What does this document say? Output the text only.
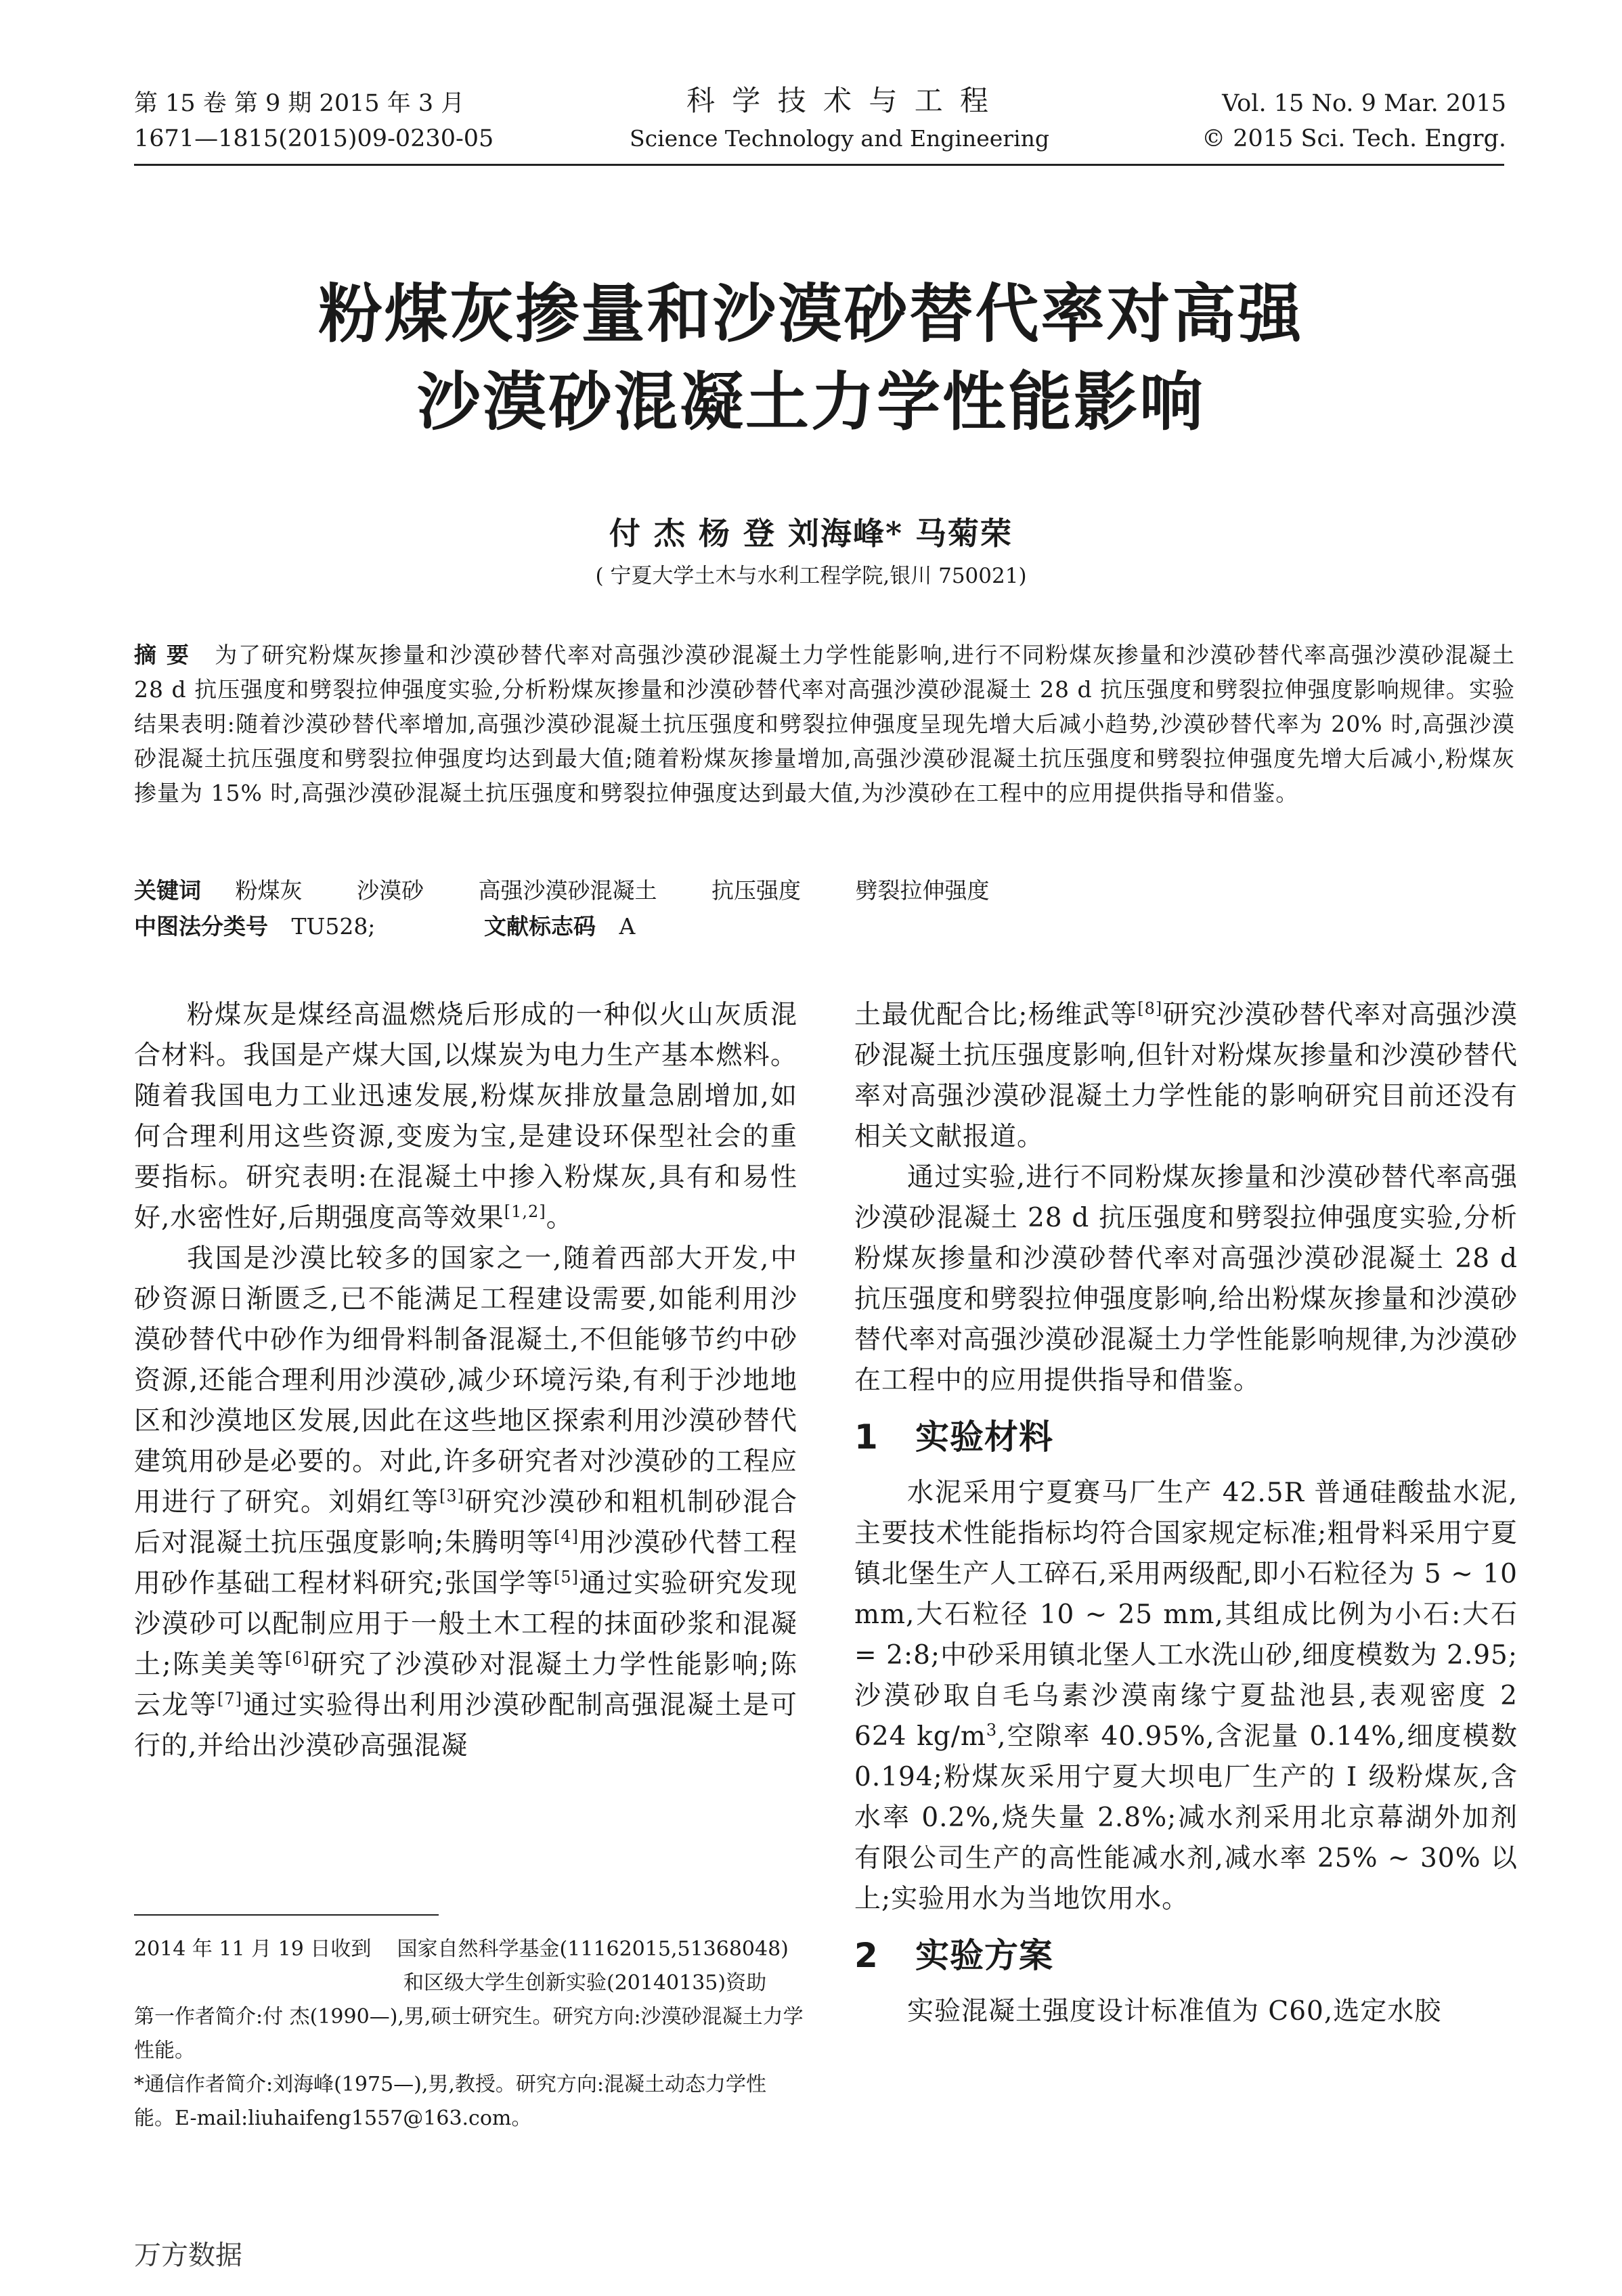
第 15 卷 第 9 期 2015 年 3 月
1671—1815(2015)09-0230-05
科 学 技 术 与 工 程
Science Technology and Engineering
Vol. 15 No. 9 Mar. 2015
© 2015 Sci. Tech. Engrg.
粉煤灰掺量和沙漠砂替代率对高强
沙漠砂混凝土力学性能影响
付 杰 杨 登 刘海峰* 马菊荣
( 宁夏大学土木与水利工程学院,银川 750021)
摘 要 为了研究粉煤灰掺量和沙漠砂替代率对高强沙漠砂混凝土力学性能影响,进行不同粉煤灰掺量和沙漠砂替代率高强沙漠砂混凝土 28 d 抗压强度和劈裂拉伸强度实验,分析粉煤灰掺量和沙漠砂替代率对高强沙漠砂混凝土 28 d 抗压强度和劈裂拉伸强度影响规律。实验结果表明:随着沙漠砂替代率增加,高强沙漠砂混凝土抗压强度和劈裂拉伸强度呈现先增大后减小趋势,沙漠砂替代率为 20% 时,高强沙漠砂混凝土抗压强度和劈裂拉伸强度均达到最大值;随着粉煤灰掺量增加,高强沙漠砂混凝土抗压强度和劈裂拉伸强度先增大后减小,粉煤灰掺量为 15% 时,高强沙漠砂混凝土抗压强度和劈裂拉伸强度达到最大值,为沙漠砂在工程中的应用提供指导和借鉴。
关键词 粉煤灰 沙漠砂 高强沙漠砂混凝土 抗压强度 劈裂拉伸强度
中图法分类号 TU528;	文献标志码 A

粉煤灰是煤经高温燃烧后形成的一种似火山灰质混合材料。我国是产煤大国,以煤炭为电力生产基本燃料。随着我国电力工业迅速发展,粉煤灰排放量急剧增加,如何合理利用这些资源,变废为宝,是建设环保型社会的重要指标。研究表明:在混凝土中掺入粉煤灰,具有和易性好,水密性好,后期强度高等效果[1,2]。

我国是沙漠比较多的国家之一,随着西部大开发,中砂资源日渐匮乏,已不能满足工程建设需要,如能利用沙漠砂替代中砂作为细骨料制备混凝土,不但能够节约中砂资源,还能合理利用沙漠砂,减少环境污染,有利于沙地地区和沙漠地区发展,因此在这些地区探索利用沙漠砂替代建筑用砂是必要的。对此,许多研究者对沙漠砂的工程应用进行了研究。刘娟红等[3]研究沙漠砂和粗机制砂混合后对混凝土抗压强度影响;朱腾明等[4]用沙漠砂代替工程用砂作基础工程材料研究;张国学等[5]通过实验研究发现沙漠砂可以配制应用于一般土木工程的抹面砂浆和混凝土;陈美美等[6]研究了沙漠砂对混凝土力学性能影响;陈云龙等[7]通过实验得出利用沙漠砂配制高强混凝土是可行的,并给出沙漠砂高强混凝

土最优配合比;杨维武等[8]研究沙漠砂替代率对高强沙漠砂混凝土抗压强度影响,但针对粉煤灰掺量和沙漠砂替代率对高强沙漠砂混凝土力学性能的影响研究目前还没有相关文献报道。

通过实验,进行不同粉煤灰掺量和沙漠砂替代率高强沙漠砂混凝土 28 d 抗压强度和劈裂拉伸强度实验,分析粉煤灰掺量和沙漠砂替代率对高强沙漠砂混凝土 28 d 抗压强度和劈裂拉伸强度影响,给出粉煤灰掺量和沙漠砂替代率对高强沙漠砂混凝土力学性能影响规律,为沙漠砂在工程中的应用提供指导和借鉴。

1 实验材料

水泥采用宁夏赛马厂生产 42.5R 普通硅酸盐水泥,主要技术性能指标均符合国家规定标准;粗骨料采用宁夏镇北堡生产人工碎石,采用两级配,即小石粒径为 5 ~ 10 mm,大石粒径 10 ~ 25 mm,其组成比例为小石:大石 = 2:8;中砂采用镇北堡人工水洗山砂,细度模数为 2.95;沙漠砂取自毛乌素沙漠南缘宁夏盐池县,表观密度 2 624 $kg/m^3$,空隙率 40.95%,含泥量 0.14%,细度模数 0.194;粉煤灰采用宁夏大坝电厂生产的 Ⅰ 级粉煤灰,含水率 0.2%,烧失量 2.8%;减水剂采用北京幕湖外加剂有限公司生产的高性能减水剂,减水率 25% ~ 30% 以上;实验用水为当地饮用水。

2 实验方案

实验混凝土强度设计标准值为 C60,选定水胶

2014 年 11 月 19 日收到 国家自然科学基金(11162015,51368048)

和区级大学生创新实验(20140135)资助

第一作者简介:付 杰(1990—),男,硕士研究生。研究方向:沙漠砂混凝土力学性能。

*通信作者简介:刘海峰(1975—),男,教授。研究方向:混凝土动态力学性能。E-mail:liuhaifeng1557@163.com。

万方数据
